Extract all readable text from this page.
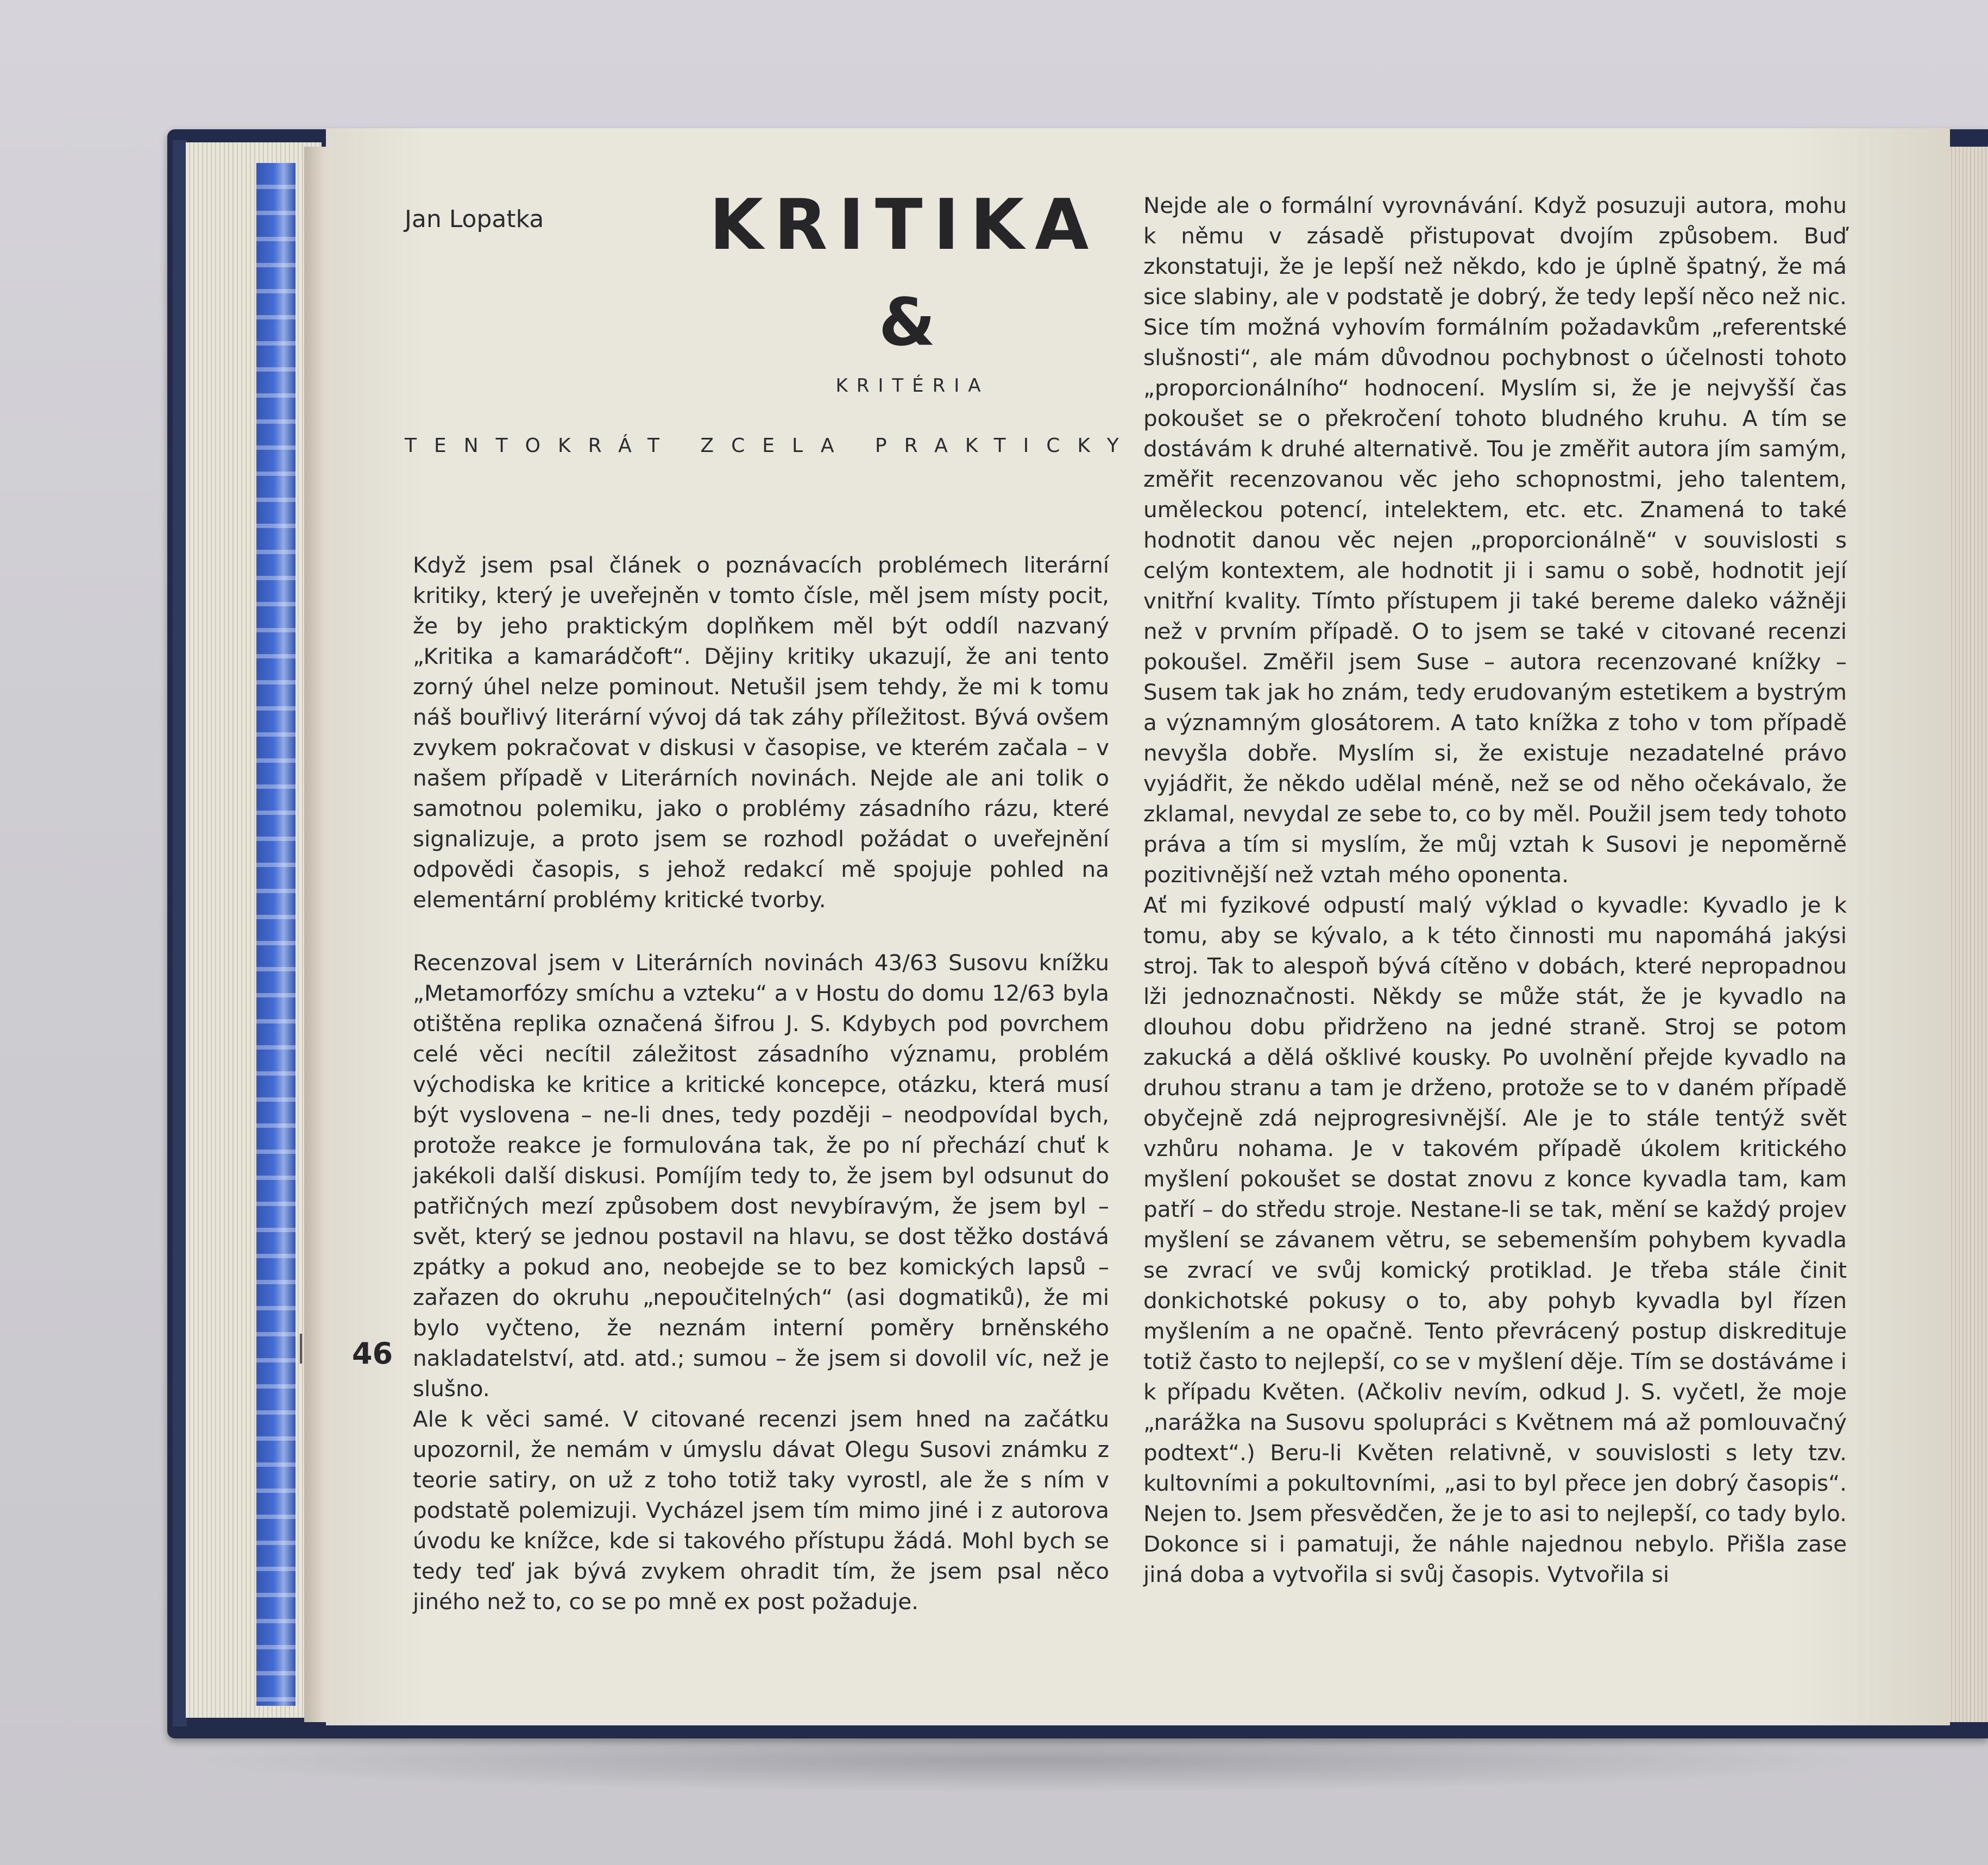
Jan Lopatka	KRITIKA
&
KRITÉRIA
TENTOKRÁT ZCELA PRAKTICKY

Když jsem psal článek o poznávacích problémech literární kritiky, který je uveřejněn v tomto čísle, měl jsem místy pocit, že by jeho praktickým doplňkem měl být oddíl nazvaný „Kritika a kamarádčoft“. Dějiny kritiky ukazují, že ani tento zorný úhel nelze pominout. Netušil jsem tehdy, že mi k tomu náš bouřlivý literární vývoj dá tak záhy příležitost. Bývá ovšem zvykem pokračovat v diskusi v časopise, ve kterém začala – v našem případě v Literárních novinách. Nejde ale ani tolik o samotnou polemiku, jako o problémy zásadního rázu, které signalizuje, a proto jsem se rozhodl požádat o uveřejnění odpovědi časopis, s jehož redakcí mě spojuje pohled na elementární problémy kritické tvorby.

Recenzoval jsem v Literárních novinách 43/63 Susovu knížku „Metamorfózy smíchu a vzteku“ a v Hostu do domu 12/63 byla otištěna replika označená šifrou J. S. Kdybych pod povrchem celé věci necítil záležitost zásadního významu, problém východiska ke kritice a kritické koncepce, otázku, která musí být vyslovena – ne-li dnes, tedy později – neodpovídal bych, protože reakce je formulována tak, že po ní přechází chuť k jakékoli další diskusi. Pomíjím tedy to, že jsem byl odsunut do patřičných mezí způsobem dost nevybíravým, že jsem byl – svět, který se jednou postavil na hlavu, se dost těžko dostává zpátky a pokud ano, neobejde se to bez komických lapsů – zařazen do okruhu „nepoučitelných“ (asi dogmatiků), že mi bylo vyčteno, že neznám interní poměry brněnského nakladatelství, atd. atd.; sumou – že jsem si dovolil víc, než je slušno.

Ale k věci samé. V citované recenzi jsem hned na začátku upozornil, že nemám v úmyslu dávat Olegu Susovi známku z teorie satiry, on už z toho totiž taky vyrostl, ale že s ním v podstatě polemizuji. Vycházel jsem tím mimo jiné i z autorova úvodu ke knížce, kde si takového přístupu žádá. Mohl bych se tedy teď jak bývá zvykem ohradit tím, že jsem psal něco jiného než to, co se po mně ex post požaduje.

Nejde ale o formální vyrovnávání. Když posuzuji autora, mohu k němu v zásadě přistupovat dvojím způsobem. Buď zkonstatuji, že je lepší než někdo, kdo je úplně špatný, že má sice slabiny, ale v podstatě je dobrý, že tedy lepší něco než nic. Sice tím možná vyhovím formálním požadavkům „referentské slušnosti“, ale mám důvodnou pochybnost o účelnosti tohoto „proporcionálního“ hodnocení. Myslím si, že je nejvyšší čas pokoušet se o překročení tohoto bludného kruhu. A tím se dostávám k druhé alternativě. Tou je změřit autora jím samým, změřit recenzovanou věc jeho schopnostmi, jeho talentem, uměleckou potencí, intelektem, etc. etc. Znamená to také hodnotit danou věc nejen „proporcionálně“ v souvislosti s celým kontextem, ale hodnotit ji i samu o sobě, hodnotit její vnitřní kvality. Tímto přístupem ji také bereme daleko vážněji než v prvním případě. O to jsem se také v citované recenzi pokoušel. Změřil jsem Suse – autora recenzované knížky – Susem tak jak ho znám, tedy erudovaným estetikem a bystrým a významným glosátorem. A tato knížka z toho v tom případě nevyšla dobře. Myslím si, že existuje nezadatelné právo vyjádřit, že někdo udělal méně, než se od něho očekávalo, že zklamal, nevydal ze sebe to, co by měl. Použil jsem tedy tohoto práva a tím si myslím, že můj vztah k Susovi je nepoměrně pozitivnější než vztah mého oponenta.

Ať mi fyzikové odpustí malý výklad o kyvadle: Kyvadlo je k tomu, aby se kývalo, a k této činnosti mu napomáhá jakýsi stroj. Tak to alespoň bývá cítěno v dobách, které nepropadnou lži jednoznačnosti. Někdy se může stát, že je kyvadlo na dlouhou dobu přidrženo na jedné straně. Stroj se potom zakucká a dělá ošklivé kousky. Po uvolnění přejde kyvadlo na druhou stranu a tam je drženo, protože se to v daném případě obyčejně zdá nejprogresivnější. Ale je to stále tentýž svět vzhůru nohama. Je v takovém případě úkolem kritického myšlení pokoušet se dostat znovu z konce kyvadla tam, kam patří – do středu stroje. Nestane-li se tak, mění se každý projev myšlení se závanem větru, se sebemenším pohybem kyvadla se zvrací ve svůj komický protiklad. Je třeba stále činit donkichotské pokusy o to, aby pohyb kyvadla byl řízen myšlením a ne opačně. Tento převrácený postup diskredituje totiž často to nejlepší, co se v myšlení děje. Tím se dostáváme i k případu Květen. (Ačkoliv nevím, odkud J. S. vyčetl, že moje „narážka na Susovu spolupráci s Květnem má až pomlouvačný podtext“.) Beru-li Květen relativně, v souvislosti s lety tzv. kultovními a pokultovními, „asi to byl přece jen dobrý časopis“. Nejen to. Jsem přesvědčen, že je to asi to nejlepší, co tady bylo. Dokonce si i pamatuji, že náhle najednou nebylo. Přišla zase jiná doba a vytvořila si svůj časopis. Vytvořila si

46
